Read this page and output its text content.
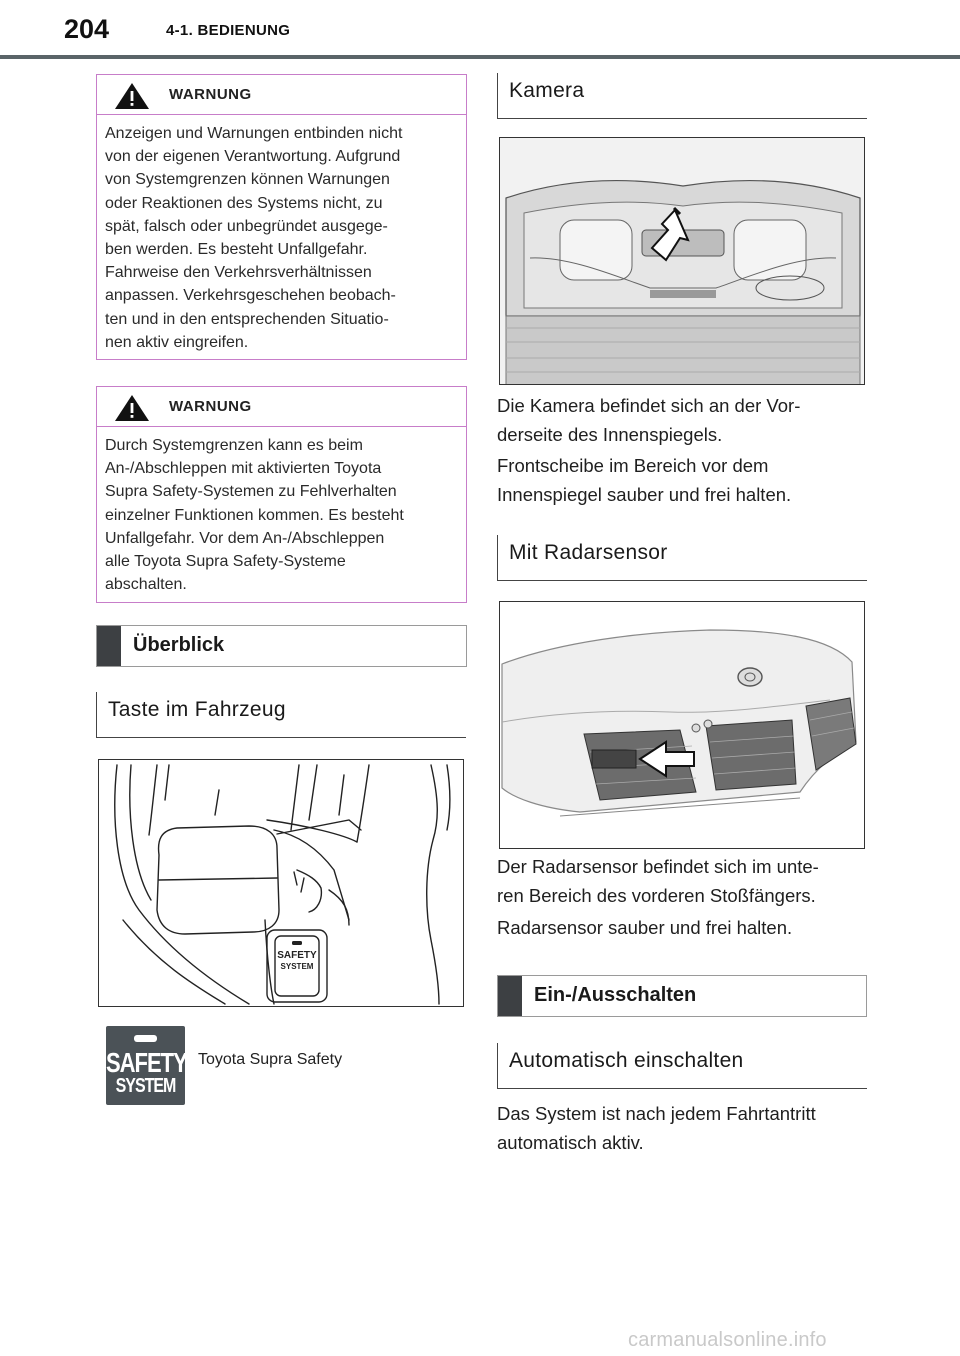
204	4-1. BEDIENUNG
WARNUNG
Anzeigen und Warnungen entbinden nicht
von der eigenen Verantwortung. Aufgrund
von Systemgrenzen können Warnungen
oder Reaktionen des Systems nicht, zu
spät, falsch oder unbegründet ausgege-
ben werden. Es besteht Unfallgefahr.
Fahrweise den Verkehrsverhältnissen
anpassen. Verkehrsgeschehen beobach-
ten und in den entsprechenden Situatio-
nen aktiv eingreifen.
WARNUNG
Durch Systemgrenzen kann es beim
An-/Abschleppen mit aktivierten Toyota
Supra Safety-Systemen zu Fehlverhalten
einzelner Funktionen kommen. Es besteht
Unfallgefahr. Vor dem An-/Abschleppen
alle Toyota Supra Safety-Systeme
abschalten.
Überblick
Taste im Fahrzeug
SAFETY
SYSTEM
SAFETY
SYSTEM
Toyota Supra Safety
Kamera
Die Kamera befindet sich an der Vor-
derseite des Innenspiegels.
Frontscheibe im Bereich vor dem
Innenspiegel sauber und frei halten.
Mit Radarsensor
Der Radarsensor befindet sich im unte-
ren Bereich des vorderen Stoßfängers.
Radarsensor sauber und frei halten.
Ein-/Ausschalten
Automatisch einschalten
Das System ist nach jedem Fahrtantritt
automatisch aktiv.
carmanualsonline.info
